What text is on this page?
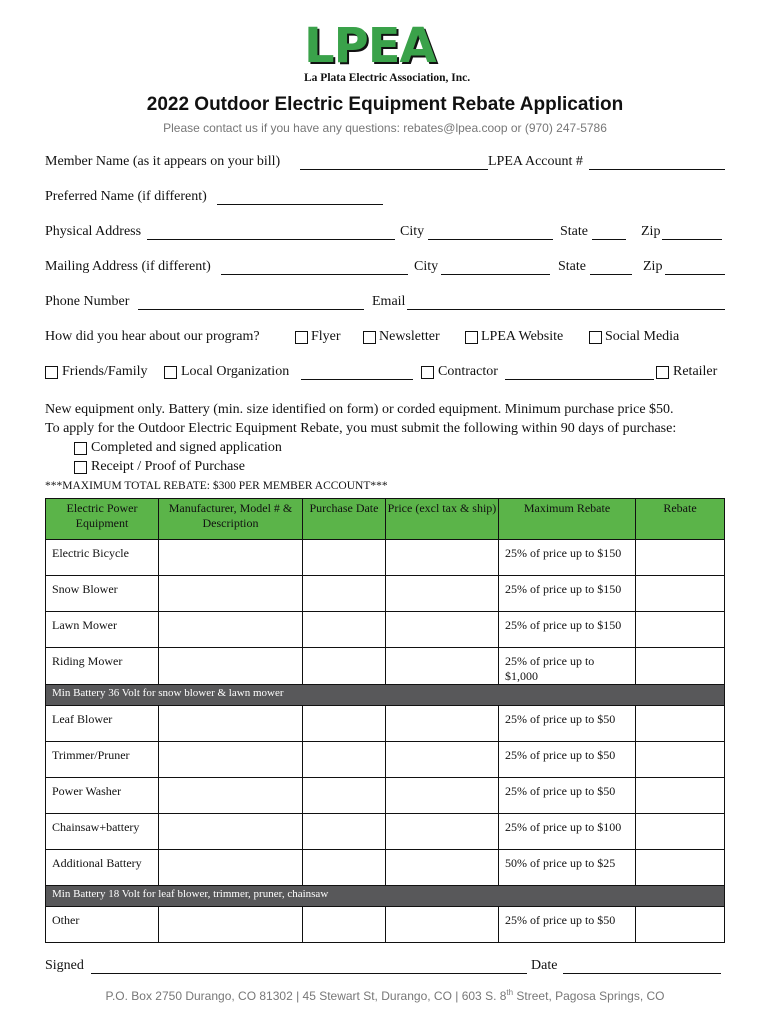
LPEA
La Plata Electric Association, Inc.
2022 Outdoor Electric Equipment Rebate Application
Please contact us if you have any questions: rebates@lpea.coop or (970) 247-5786
Member Name (as it appears on your bill)	LPEA Account #
Preferred Name (if different)
Physical Address	City	State	Zip
Mailing Address (if different)	City	State	Zip
Phone Number	Email
How did you hear about our program?	Flyer	Newsletter	LPEA Website	Social Media
Friends/Family Local Organization	Contractor	Retailer
New equipment only. Battery (min. size identified on form) or corded equipment. Minimum purchase price $50.
To apply for the Outdoor Electric Equipment Rebate, you must submit the following within 90 days of purchase:
Completed and signed application
Receipt / Proof of Purchase
***MAXIMUM TOTAL REBATE: $300 PER MEMBER ACCOUNT***
Electric Power Equipment	Manufacturer, Model # & Description	Purchase Date	Price (excl tax & ship)	Maximum Rebate	Rebate
Electric Bicycle				25% of price up to $150	
Snow Blower				25% of price up to $150	
Lawn Mower				25% of price up to $150	
Riding Mower				25% of price up to $1,000	
Min Battery 36 Volt for snow blower & lawn mower					
Leaf Blower				25% of price up to $50	
Trimmer/Pruner				25% of price up to $50	
Power Washer				25% of price up to $50	
Chainsaw+battery				25% of price up to $100	
Additional Battery				50% of price up to $25	
Min Battery 18 Volt for leaf blower, trimmer, pruner, chainsaw					
Other				25% of price up to $50	
Signed	Date
P.O. Box 2750 Durango, CO 81302 | 45 Stewart St, Durango, CO | 603 S. 8th Street, Pagosa Springs, CO
